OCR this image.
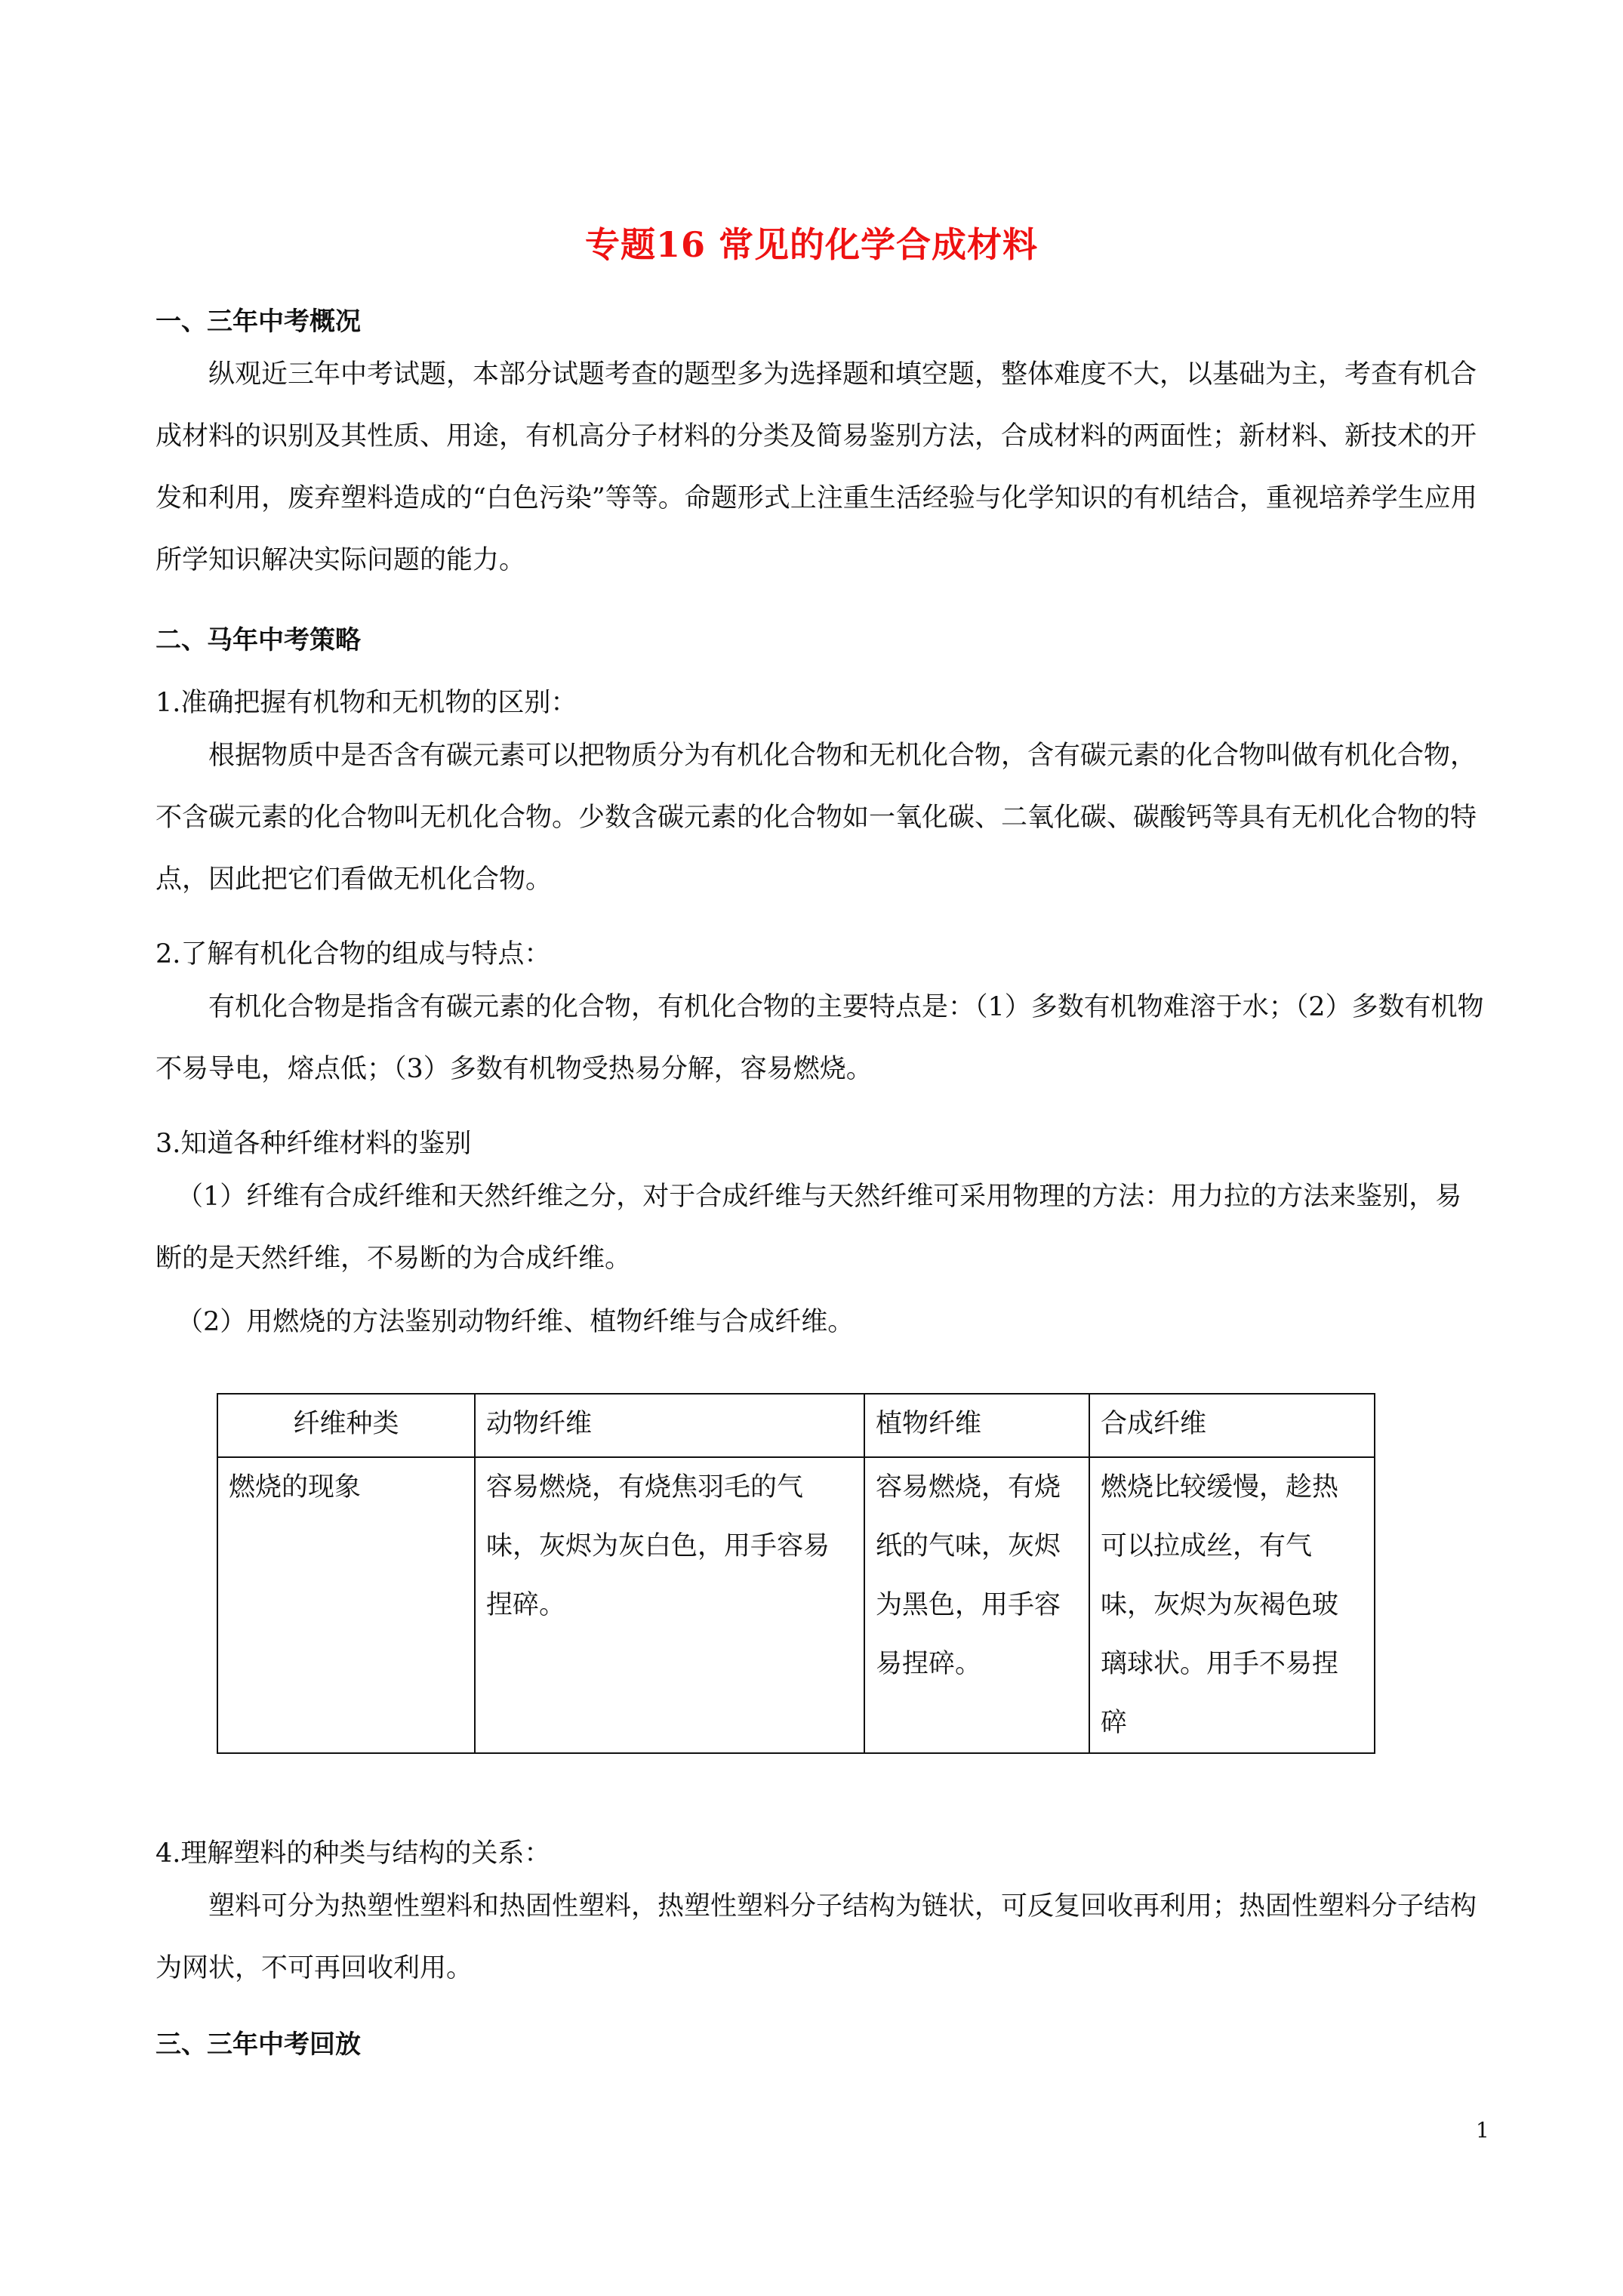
专题16 常见的化学合成材料
一、三年中考概况
纵观近三年中考试题，本部分试题考查的题型多为选择题和填空题，整体难度不大，以基础为主，考查有机合成材料的识别及其性质、用途，有机高分子材料的分类及简易鉴别方法，合成材料的两面性；新材料、新技术的开发和利用，废弃塑料造成的“白色污染”等等。命题形式上注重生活经验与化学知识的有机结合，重视培养学生应用所学知识解决实际问题的能力。
二、马年中考策略
1.准确把握有机物和无机物的区别：
根据物质中是否含有碳元素可以把物质分为有机化合物和无机化合物，含有碳元素的化合物叫做有机化合物，不含碳元素的化合物叫无机化合物。少数含碳元素的化合物如一氧化碳、二氧化碳、碳酸钙等具有无机化合物的特点，因此把它们看做无机化合物。
2.了解有机化合物的组成与特点：
有机化合物是指含有碳元素的化合物，有机化合物的主要特点是：（1）多数有机物难溶于水；（2）多数有机物不易导电，熔点低；（3）多数有机物受热易分解，容易燃烧。
3.知道各种纤维材料的鉴别
（1）纤维有合成纤维和天然纤维之分，对于合成纤维与天然纤维可采用物理的方法：用力拉的方法来鉴别，易断的是天然纤维，不易断的为合成纤维。
（2）用燃烧的方法鉴别动物纤维、植物纤维与合成纤维。
纤维种类	动物纤维	植物纤维	合成纤维
燃烧的现象	容易燃烧，有烧焦羽毛的气味，灰烬为灰白色，用手容易捏碎。	容易燃烧，有烧纸的气味，灰烬为黑色，用手容易捏碎。	燃烧比较缓慢，趁热可以拉成丝，有气味，灰烬为灰褐色玻璃球状。用手不易捏碎
4.理解塑料的种类与结构的关系：
塑料可分为热塑性塑料和热固性塑料，热塑性塑料分子结构为链状，可反复回收再利用；热固性塑料分子结构为网状，不可再回收利用。
三、三年中考回放
1
